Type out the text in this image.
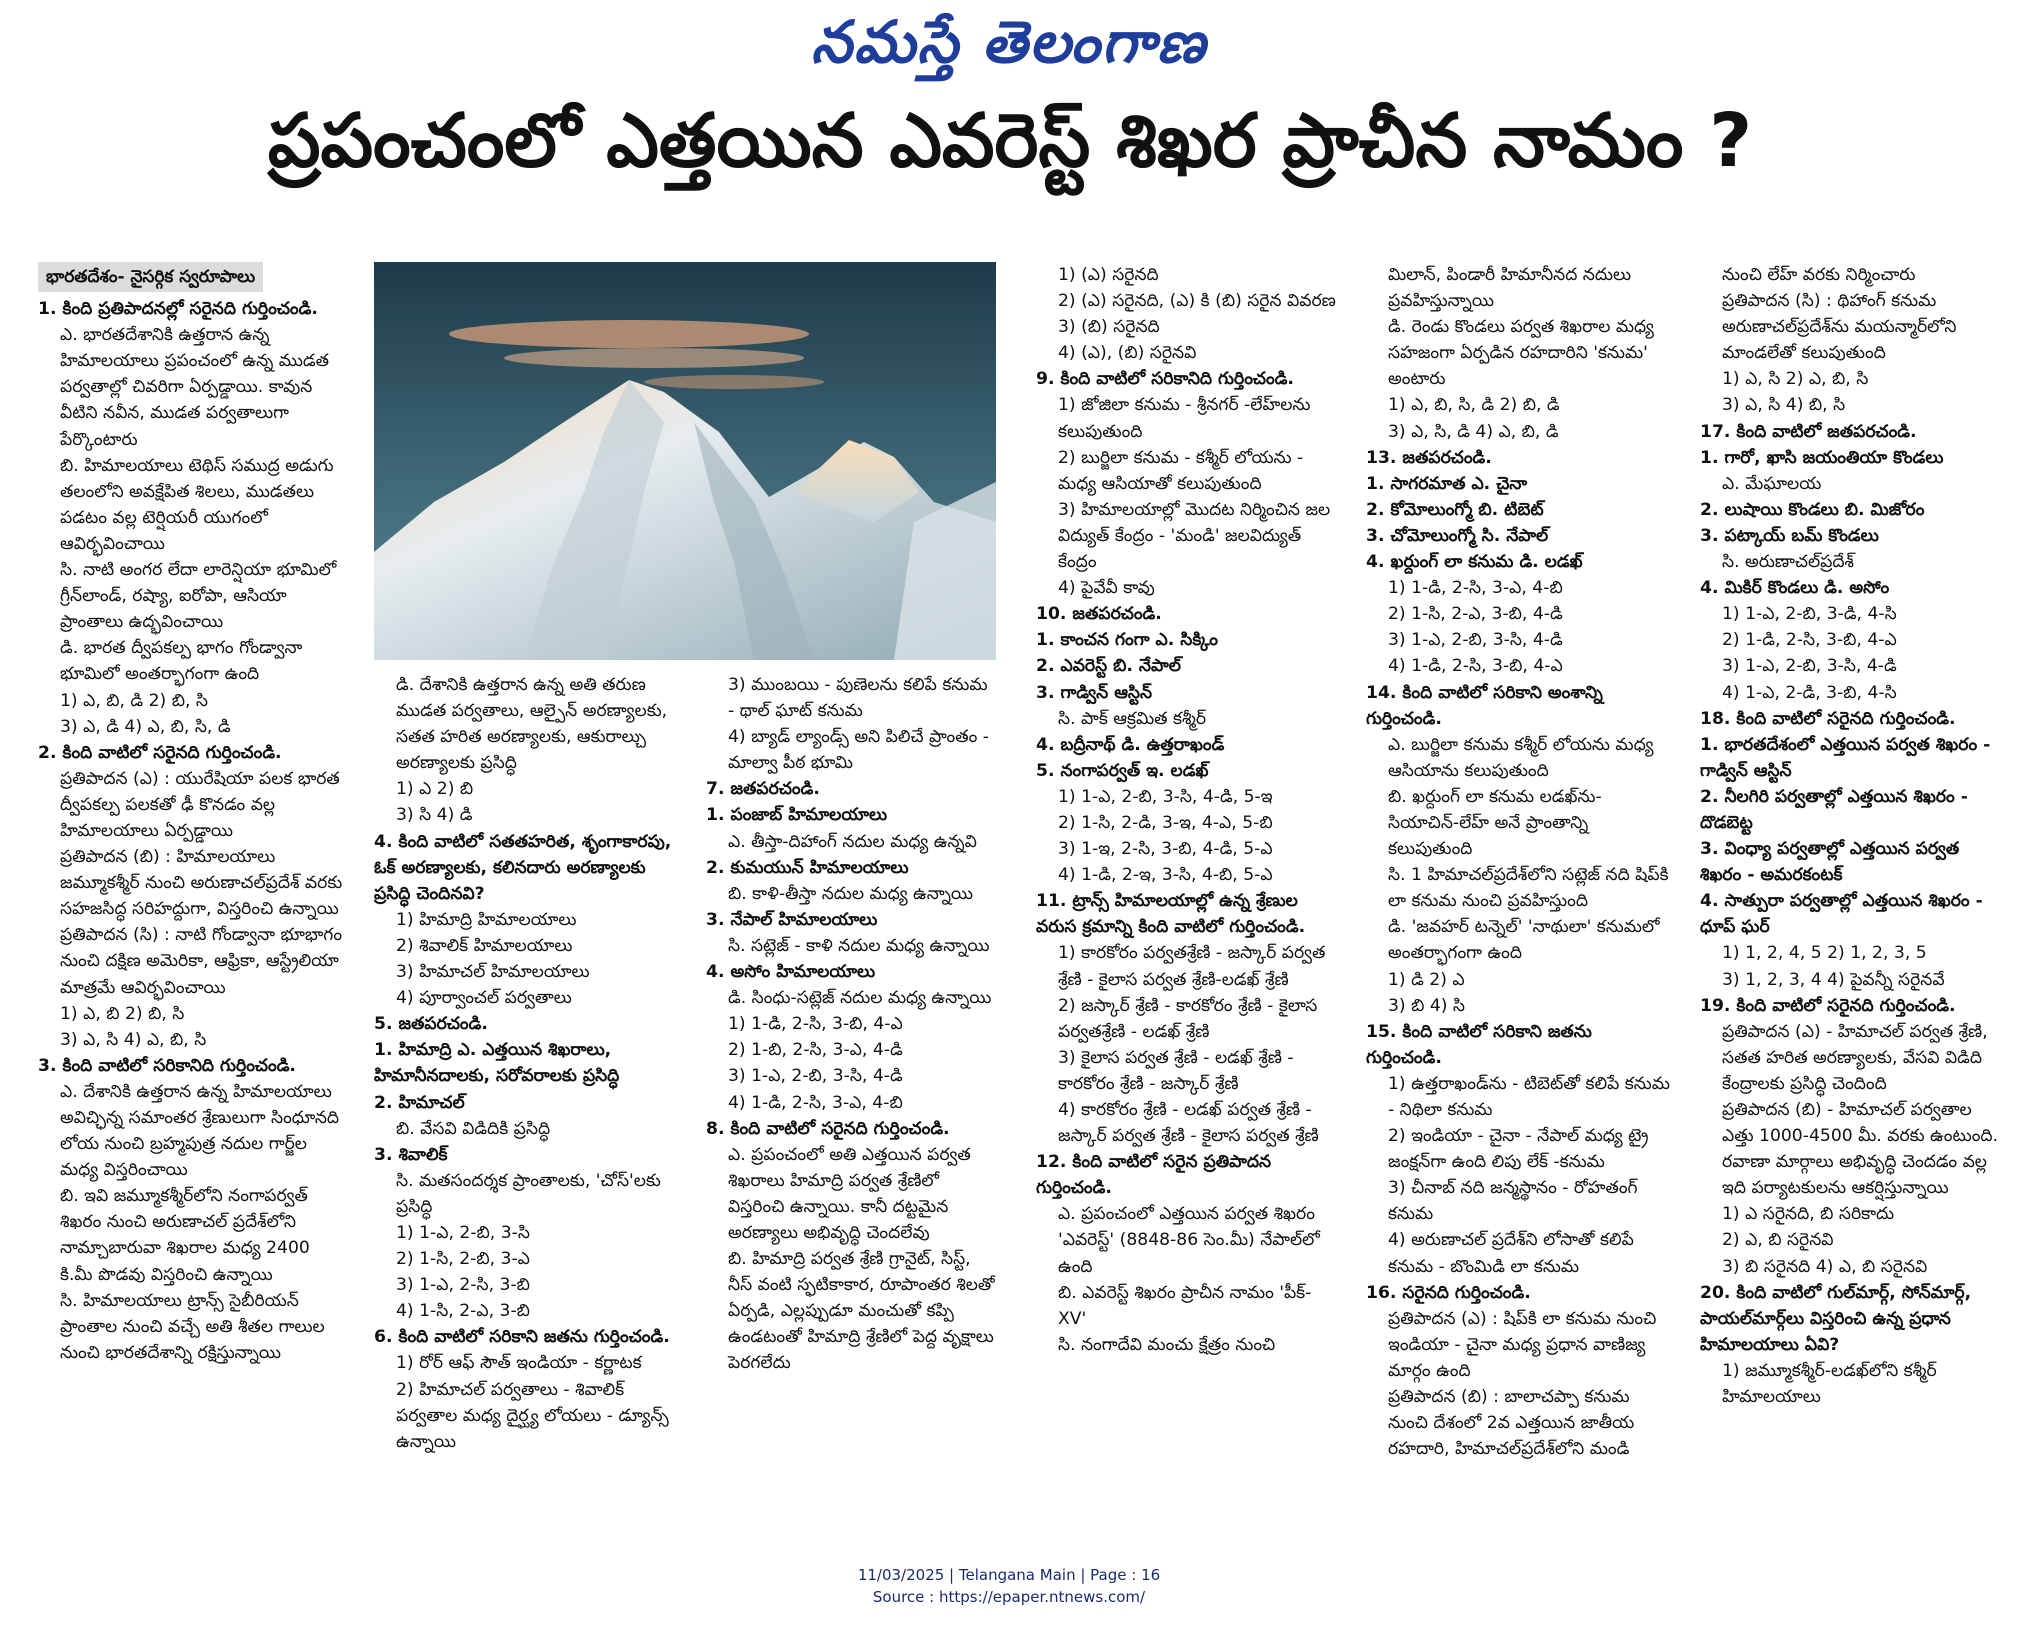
నమస్తే తెలంగాణ
ప్రపంచంలో ఎత్తయిన ఎవరెస్ట్ శిఖర ప్రాచీన నామం ?
భారతదేశం- నైసర్గిక స్వరూపాలు

1. కింది ప్రతిపాదనల్లో సరైనది గుర్తించండి.

ఎ. భారతదేశానికి ఉత్తరాన ఉన్న హిమాలయాలు ప్రపంచంలో ఉన్న ముడత పర్వతాల్లో చివరిగా ఏర్పడ్డాయి. కావున వీటిని నవీన, ముడత పర్వతాలుగా పేర్కొంటారు

బి. హిమాలయాలు టెథిస్ సముద్ర అడుగు తలంలోని అవక్షేపిత శిలలు, ముడతలు పడటం వల్ల టెర్షియరీ యుగంలో ఆవిర్భవించాయి

సి. నాటి అంగర లేదా లారెన్షియా భూమిలో గ్రీన్‌లాండ్, రష్యా, ఐరోపా, ఆసియా ప్రాంతాలు ఉద్భవించాయి

డి. భారత ద్వీపకల్ప భాగం గోండ్వానా భూమిలో అంతర్భాగంగా ఉంది

1) ఎ, బి, డి 2) బి, సి

3) ఎ, డి 4) ఎ, బి, సి, డి

2. కింది వాటిలో సరైనది గుర్తించండి.

ప్రతిపాదన (ఎ) : యురేషియా పలక భారత ద్వీపకల్ప పలకతో ఢీ కొనడం వల్ల హిమాలయాలు ఏర్పడ్డాయి

ప్రతిపాదన (బి) : హిమాలయాలు జమ్మూకశ్మీర్ నుంచి అరుణాచల్‌ప్రదేశ్ వరకు సహజసిద్ధ సరిహద్దుగా, విస్తరించి ఉన్నాయి

ప్రతిపాదన (సి) : నాటి గోండ్వానా భూభాగం నుంచి దక్షిణ అమెరికా, ఆఫ్రికా, ఆస్ట్రేలియా మాత్రమే ఆవిర్భవించాయి

1) ఎ, బి 2) బి, సి

3) ఎ, సి 4) ఎ, బి, సి

3. కింది వాటిలో సరికానిది గుర్తించండి.

ఎ. దేశానికి ఉత్తరాన ఉన్న హిమాలయాలు అవిచ్ఛిన్న సమాంతర శ్రేణులుగా సింధూనది లోయ నుంచి బ్రహ్మపుత్ర నదుల గార్జ్‌ల మధ్య విస్తరించాయి

బి. ఇవి జమ్మూకశ్మీర్‌లోని నంగాపర్వత్ శిఖరం నుంచి అరుణాచల్ ప్రదేశ్‌లోని నామ్చాబారువా శిఖరాల మధ్య 2400 కి.మీ పొడవు విస్తరించి ఉన్నాయి

సి. హిమాలయాలు ట్రాన్స్ సైబీరియన్ ప్రాంతాల నుంచి వచ్చే అతి శీతల గాలుల నుంచి భారతదేశాన్ని రక్షిస్తున్నాయి

డి. దేశానికి ఉత్తరాన ఉన్న అతి తరుణ ముడత పర్వతాలు, ఆల్పైన్ అరణ్యాలకు, సతత హరిత అరణ్యాలకు, ఆకురాల్చు అరణ్యాలకు ప్రసిద్ధి

1) ఎ 2) బి

3) సి 4) డి

4. కింది వాటిలో సతతహరిత, శృంగాకారపు, ఓక్ అరణ్యాలకు, కలినదారు అరణ్యాలకు ప్రసిద్ధి చెందినవి?

1) హిమాద్రి హిమాలయాలు

2) శివాలిక్ హిమాలయాలు

3) హిమాచల్ హిమాలయాలు

4) పూర్వాంచల్ పర్వతాలు

5. జతపరచండి.

1. హిమాద్రి ఎ. ఎత్తయిన శిఖరాలు, హిమానీనదాలకు, సరోవరాలకు ప్రసిద్ధి

2. హిమాచల్

బి. వేసవి విడిదికి ప్రసిద్ధి

3. శివాలిక్

సి. మతసందర్శక ప్రాంతాలకు, 'చోస్'లకు ప్రసిద్ధి

1) 1-ఎ, 2-బి, 3-సి

2) 1-సి, 2-బి, 3-ఎ

3) 1-ఎ, 2-సి, 3-బి

4) 1-సి, 2-ఎ, 3-బి

6. కింది వాటిలో సరికాని జతను గుర్తించండి.

1) రోర్ ఆఫ్ సౌత్ ఇండియా - కర్ణాటక

2) హిమాచల్ పర్వతాలు - శివాలిక్ పర్వతాల మధ్య దైర్ఘ్య లోయలు - డ్యూన్స్ ఉన్నాయి

3) ముంబయి - పుణెలను కలిపే కనుమ - థాల్ ఘాట్ కనుమ

4) బ్యాడ్ ల్యాండ్స్ అని పిలిచే ప్రాంతం - మాల్వా పీఠ భూమి

7. జతపరచండి.

1. పంజాబ్ హిమాలయాలు

ఎ. తీస్తా-దిహాంగ్ నదుల మధ్య ఉన్నవి

2. కుమయున్ హిమాలయాలు

బి. కాళి-తీస్తా నదుల మధ్య ఉన్నాయి

3. నేపాల్ హిమాలయాలు

సి. సట్లెజ్ - కాళి నదుల మధ్య ఉన్నాయి

4. అసోం హిమాలయాలు

డి. సింధు-సట్లెజ్ నదుల మధ్య ఉన్నాయి

1) 1-డి, 2-సి, 3-బి, 4-ఎ

2) 1-బి, 2-సి, 3-ఎ, 4-డి

3) 1-ఎ, 2-బి, 3-సి, 4-డి

4) 1-డి, 2-సి, 3-ఎ, 4-బి

8. కింది వాటిలో సరైనది గుర్తించండి.

ఎ. ప్రపంచంలో అతి ఎత్తయిన పర్వత శిఖరాలు హిమాద్రి పర్వత శ్రేణిలో విస్తరించి ఉన్నాయి. కానీ దట్టమైన అరణ్యాలు అభివృద్ధి చెందలేవు

బి. హిమాద్రి పర్వత శ్రేణి గ్రానైట్, సిస్ట్, నీస్ వంటి స్ఫటికాకార, రూపాంతర శిలతో ఏర్పడి, ఎల్లప్పుడూ మంచుతో కప్పి ఉండటంతో హిమాద్రి శ్రేణిలో పెద్ద వృక్షాలు పెరగలేదు

1) (ఎ) సరైనది

2) (ఎ) సరైనది, (ఎ) కి (బి) సరైన వివరణ

3) (బి) సరైనది

4) (ఎ), (బి) సరైనవి

9. కింది వాటిలో సరికానిది గుర్తించండి.

1) జోజిలా కనుమ - శ్రీనగర్ -లేహ్‌లను కలుపుతుంది

2) బుర్జిలా కనుమ - కశ్మీర్ లోయను - మధ్య ఆసియాతో కలుపుతుంది

3) హిమాలయాల్లో మొదట నిర్మించిన జల విద్యుత్ కేంద్రం - 'మండి' జలవిద్యుత్ కేంద్రం

4) పైవేవీ కావు

10. జతపరచండి.

1. కాంచన గంగా ఎ. సిక్కిం

2. ఎవరెస్ట్ బి. నేపాల్

3. గాడ్విన్ ఆస్టిన్

సి. పాక్ ఆక్రమిత కశ్మీర్

4. బద్రీనాథ్ డి. ఉత్తరాఖండ్

5. నంగాపర్వత్ ఇ. లడఖ్

1) 1-ఎ, 2-బి, 3-సి, 4-డి, 5-ఇ

2) 1-సి, 2-డి, 3-ఇ, 4-ఎ, 5-బి

3) 1-ఇ, 2-సి, 3-బి, 4-డి, 5-ఎ

4) 1-డి, 2-ఇ, 3-సి, 4-బి, 5-ఎ

11. ట్రాన్స్ హిమాలయాల్లో ఉన్న శ్రేణుల వరుస క్రమాన్ని కింది వాటిలో గుర్తించండి.

1) కారకోరం పర్వతశ్రేణి - జస్కార్ పర్వత శ్రేణి - కైలాస పర్వత శ్రేణి-లడఖ్ శ్రేణి

2) జస్కార్ శ్రేణి - కారకోరం శ్రేణి - కైలాస పర్వతశ్రేణి - లడఖ్ శ్రేణి

3) కైలాస పర్వత శ్రేణి - లడఖ్ శ్రేణి - కారకోరం శ్రేణి - జస్కార్ శ్రేణి

4) కారకోరం శ్రేణి - లడఖ్ పర్వత శ్రేణి - జస్కార్ పర్వత శ్రేణి - కైలాస పర్వత శ్రేణి

12. కింది వాటిలో సరైన ప్రతిపాదన గుర్తించండి.

ఎ. ప్రపంచంలో ఎత్తయిన పర్వత శిఖరం 'ఎవరెస్ట్' (8848-86 సెం.మీ) నేపాల్‌లో ఉంది

బి. ఎవరెస్ట్ శిఖరం ప్రాచీన నామం 'పీక్-XV'

సి. నంగాదేవి మంచు క్షేత్రం నుంచి

మిలాన్, పిండారీ హిమానీనద నదులు ప్రవహిస్తున్నాయి

డి. రెండు కొండలు పర్వత శిఖరాల మధ్య సహజంగా ఏర్పడిన రహదారిని 'కనుమ' అంటారు

1) ఎ, బి, సి, డి 2) బి, డి

3) ఎ, సి, డి 4) ఎ, బి, డి

13. జతపరచండి.

1. సాగరమాత ఎ. చైనా

2. కోమోలుంగ్మో బి. టిబెట్

3. చోమోలుంగ్మో సి. నేపాల్

4. ఖర్దుంగ్ లా కనుమ డి. లడఖ్

1) 1-డి, 2-సి, 3-ఎ, 4-బి

2) 1-సి, 2-ఎ, 3-బి, 4-డి

3) 1-ఎ, 2-బి, 3-సి, 4-డి

4) 1-డి, 2-సి, 3-బి, 4-ఎ

14. కింది వాటిలో సరికాని అంశాన్ని గుర్తించండి.

ఎ. బుర్జిలా కనుమ కశ్మీర్ లోయను మధ్య ఆసియాను కలుపుతుంది

బి. ఖర్దుంగ్ లా కనుమ లడఖ్‌ను-సియాచిన్-లేహ్ అనే ప్రాంతాన్ని కలుపుతుంది

సి. 1 హిమాచల్‌ప్రదేశ్‌లోని సట్లెజ్ నది షిప్‌కి లా కనుమ నుంచి ప్రవహిస్తుంది

డి. 'జవహర్ టన్నెల్' 'నాథులా' కనుమలో అంతర్భాగంగా ఉంది

1) డి 2) ఎ

3) బి 4) సి

15. కింది వాటిలో సరికాని జతను గుర్తించండి.

1) ఉత్తరాఖండ్‌ను - టిబెట్‌తో కలిపే కనుమ - నిథిలా కనుమ

2) ఇండియా - చైనా - నేపాల్ మధ్య ట్రై జంక్షన్‌గా ఉంది లిపు లేక్ -కనుమ

3) చీనాబ్ నది జన్మస్థానం - రోహతంగ్ కనుమ

4) అరుణాచల్ ప్రదేశ్‌ని లోసాతో కలిపే కనుమ - బొంమిడి లా కనుమ

16. సరైనది గుర్తించండి.

ప్రతిపాదన (ఎ) : షిప్‌కి లా కనుమ నుంచి ఇండియా - చైనా మధ్య ప్రధాన వాణిజ్య మార్గం ఉంది

ప్రతిపాదన (బి) : బాలాచప్పా కనుమ నుంచి దేశంలో 2వ ఎత్తయిన జాతీయ రహదారి, హిమాచల్‌ప్రదేశ్‌లోని మండి

నుంచి లేహ్ వరకు నిర్మించారు

ప్రతిపాదన (సి) : థిహాంగ్ కనుమ అరుణాచల్‌ప్రదేశ్‌ను మయన్మార్‌లోని మాండలేతో కలుపుతుంది

1) ఎ, సి 2) ఎ, బి, సి

3) ఎ, సి 4) బి, సి

17. కింది వాటిలో జతపరచండి.

1. గారో, ఖాసి జయంతియా కొండలు

ఎ. మేఘాలయ

2. లుషాయి కొండలు బి. మిజోరం

3. పట్కాయ్ బమ్ కొండలు

సి. అరుణాచల్‌ప్రదేశ్

4. మికిర్ కొండలు డి. అసోం

1) 1-ఎ, 2-బి, 3-డి, 4-సి

2) 1-డి, 2-సి, 3-బి, 4-ఎ

3) 1-ఎ, 2-బి, 3-సి, 4-డి

4) 1-ఎ, 2-డి, 3-బి, 4-సి

18. కింది వాటిలో సరైనది గుర్తించండి.

1. భారతదేశంలో ఎత్తయిన పర్వత శిఖరం - గాడ్విన్ ఆస్టిన్

2. నీలగిరి పర్వతాల్లో ఎత్తయిన శిఖరం - దొడబెట్ట

3. వింధ్యా పర్వతాల్లో ఎత్తయిన పర్వత శిఖరం - అమరకంటక్

4. సాత్పురా పర్వతాల్లో ఎత్తయిన శిఖరం - ధూప్ ఘర్

1) 1, 2, 4, 5 2) 1, 2, 3, 5

3) 1, 2, 3, 4 4) పైవన్నీ సరైనవే

19. కింది వాటిలో సరైనది గుర్తించండి.

ప్రతిపాదన (ఎ) - హిమాచల్ పర్వత శ్రేణి, సతత హరిత అరణ్యాలకు, వేసవి విడిది కేంద్రాలకు ప్రసిద్ధి చెందింది

ప్రతిపాదన (బి) - హిమాచల్ పర్వతాల ఎత్తు 1000-4500 మీ. వరకు ఉంటుంది. రవాణా మార్గాలు అభివృద్ధి చెందడం వల్ల ఇది పర్యాటకులను ఆకర్షిస్తున్నాయి

1) ఎ సరైనది, బి సరికాదు

2) ఎ, బి సరైనవి

3) బి సరైనది 4) ఎ, బి సరైనవి

20. కింది వాటిలో గుల్‌మార్గ్, సోన్‌మార్గ్, పాయల్‌మార్గ్‌లు విస్తరించి ఉన్న ప్రధాన హిమాలయాలు ఏవి?

1) జమ్మూకశ్మీర్-లడఖ్‌లోని కశ్మీర్ హిమాలయాలు

11/03/2025 | Telangana Main | Page : 16
Source : https://epaper.ntnews.com/
